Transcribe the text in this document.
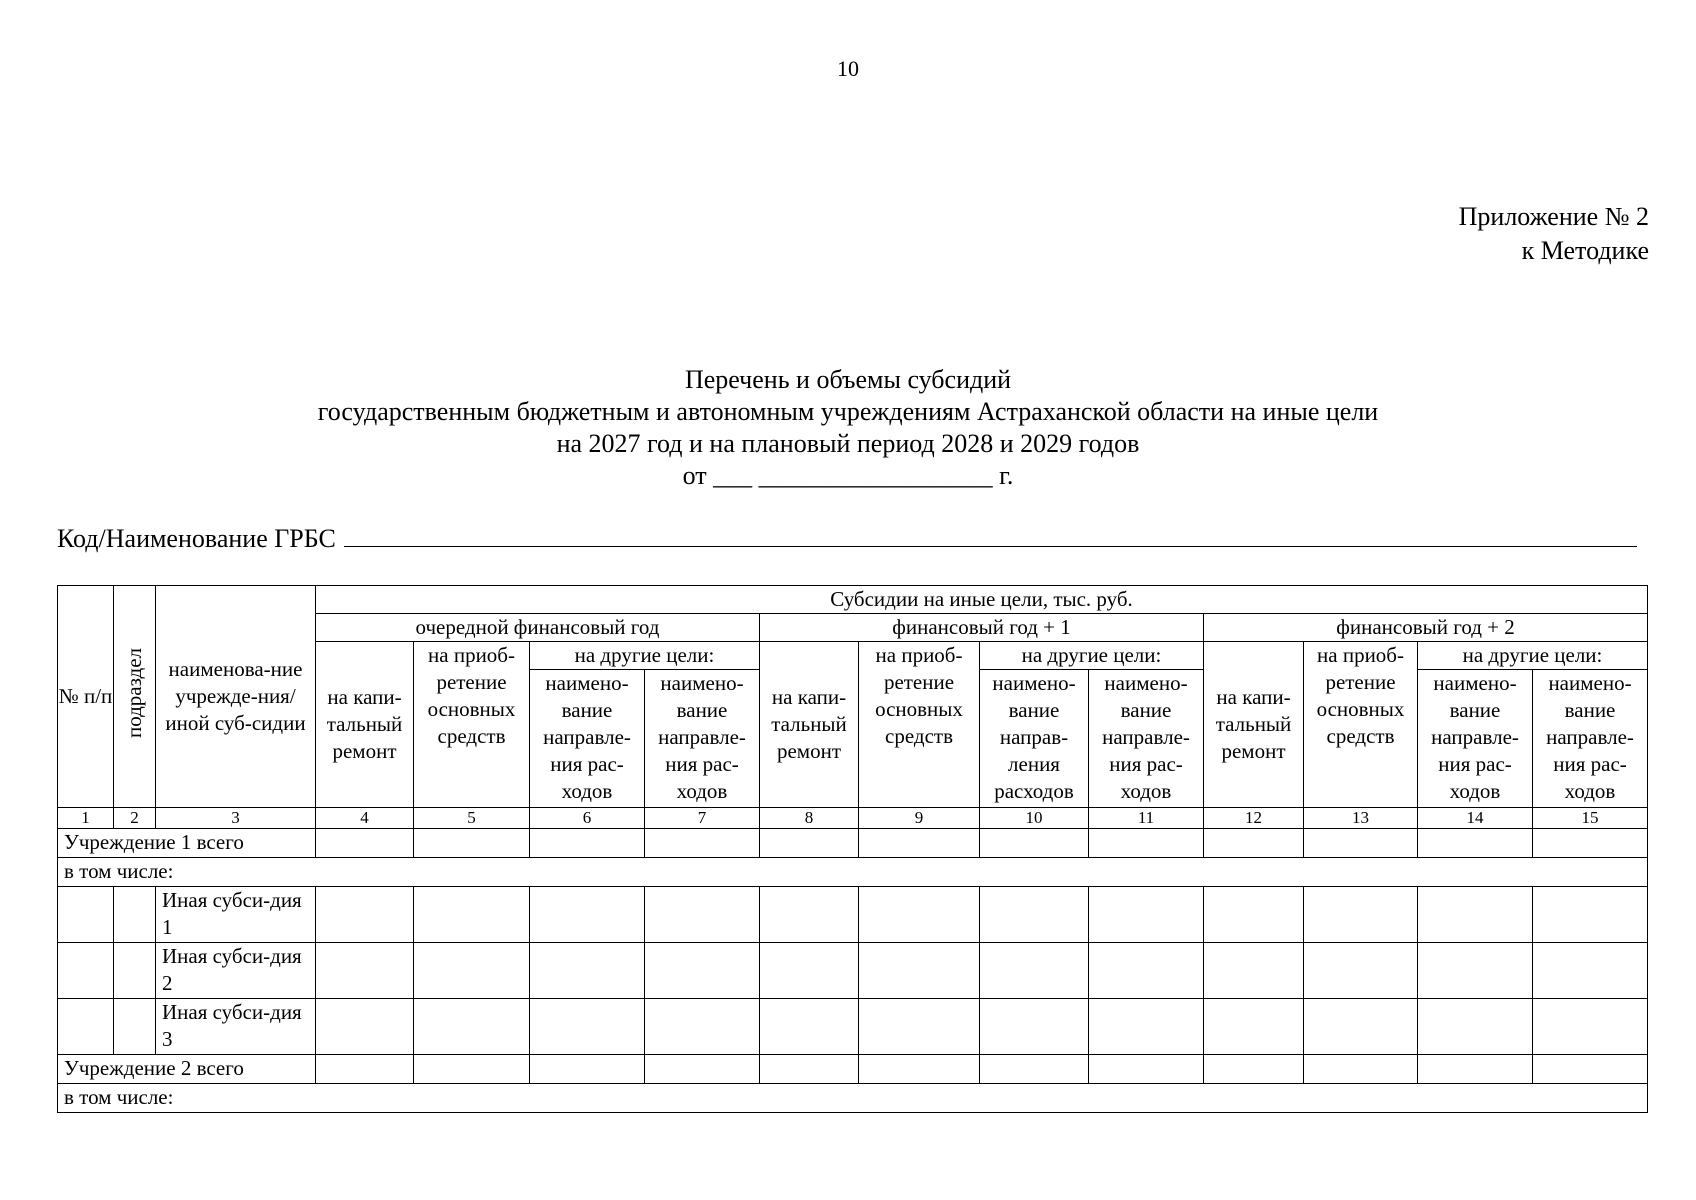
10
Приложение № 2
к Методике
Перечень и объемы субсидий
государственным бюджетным и автономным учреждениям Астраханской области на иные цели
на 2027 год и на плановый период 2028 и 2029 годов
от ___ __________________ г.
Код/Наименование ГРБС
№ п/п	подраздел	наименова-ние учрежде-ния/иной суб-сидии	Субсидии на иные цели, тыс. руб.											
			очередной финансовый год				финансовый год + 1				финансовый год + 2			
			на капи-тальный ремонт	на приоб-ретение основных средств	на другие цели:		на капи-тальный ремонт	на приоб-ретение основных средств	на другие цели:		на капи-тальный ремонт	на приоб-ретение основных средств	на другие цели:	
					наимено-вание направле-ния рас-ходов	наимено-вание направле-ния рас-ходов			наимено-вание направ-ления расходов	наимено-вание направле-ния рас-ходов			наимено-вание направле-ния рас-ходов	наимено-вание направле-ния рас-ходов
1	2	3	4	5	6	7	8	9	10	11	12	13	14	15
Учреждение 1 всего														
в том числе:														
		Иная субси-дия 1												
		Иная субси-дия 2												
		Иная субси-дия 3												
Учреждение 2 всего														
в том числе:														
